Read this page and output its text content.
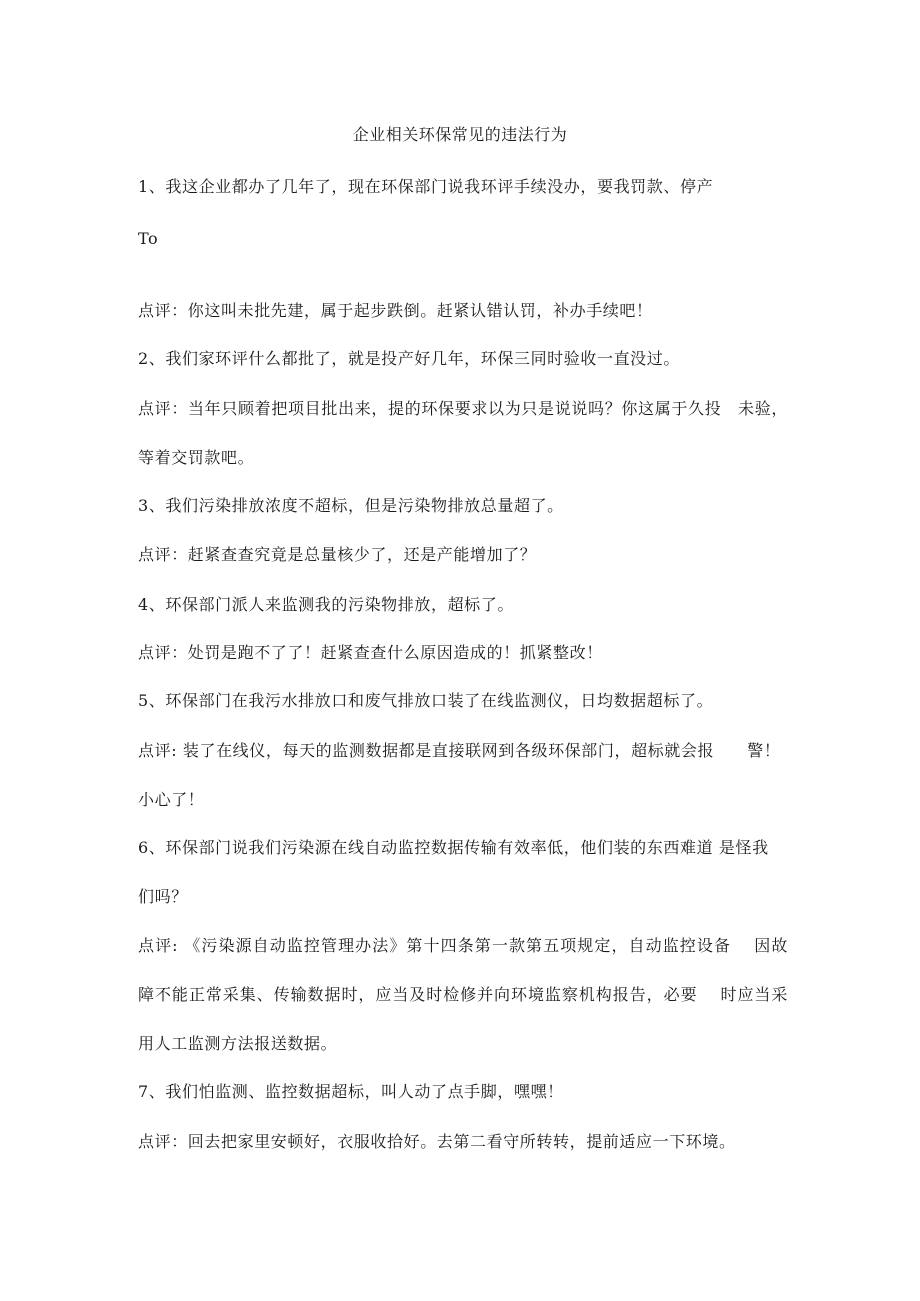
企业相关环保常见的违法行为
1、我这企业都办了几年了，现在环保部门说我环评手续没办，要我罚款、停产
To
点评：你这叫未批先建，属于起步跌倒。赶紧认错认罚，补办手续吧！
2、我们家环评什么都批了，就是投产好几年，环保三同时验收一直没过。
点评：当年只顾着把项目批出来，提的环保要求以为只是说说吗？你这属于久投　未验，
等着交罚款吧。
3、我们污染排放浓度不超标，但是污染物排放总量超了。
点评：赶紧查查究竟是总量核少了，还是产能增加了？
4、环保部门派人来监测我的污染物排放，超标了。
点评：处罚是跑不了了！赶紧查查什么原因造成的！抓紧整改！
5、环保部门在我污水排放口和废气排放口装了在线监测仪，日均数据超标了。
点评: 装了在线仪，每天的监测数据都是直接联网到各级环保部门，超标就会报　　警！
小心了！
6、环保部门说我们污染源在线自动监控数据传输有效率低，他们装的东西难道 是怪我
们吗？
点评: 《污染源自动监控管理办法》第十四条第一款第五项规定，自动监控设备　 因故
障不能正常采集、传输数据时，应当及时检修并向环境监察机构报告，必要　 时应当采
用人工监测方法报送数据。
7、我们怕监测、监控数据超标，叫人动了点手脚，嘿嘿！
点评：回去把家里安顿好，衣服收拾好。去第二看守所转转，提前适应一下环境。
